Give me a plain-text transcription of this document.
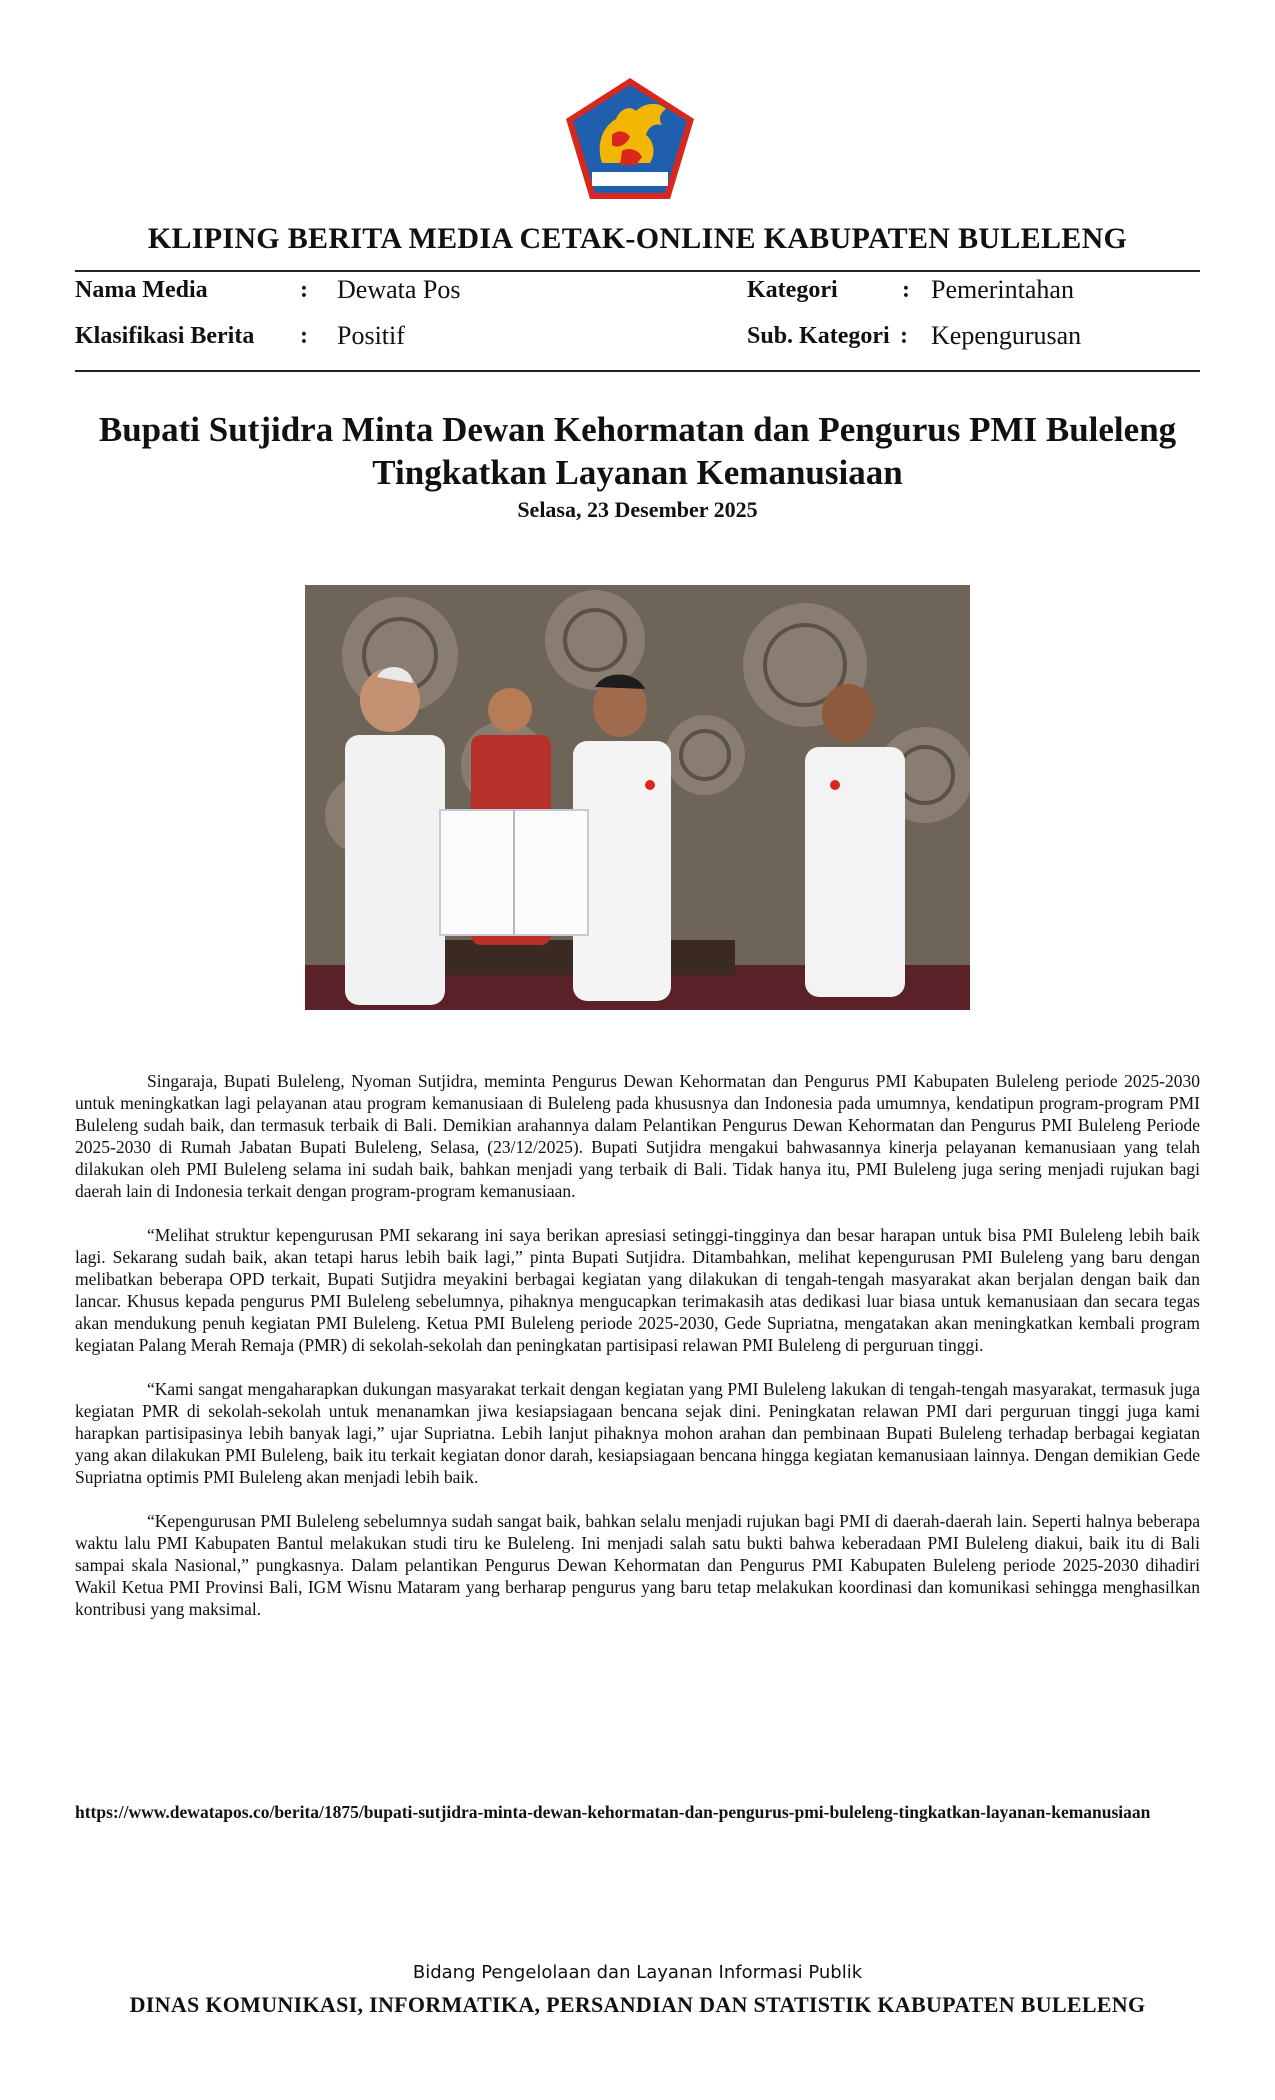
KLIPING BERITA MEDIA CETAK-ONLINE KABUPATEN BULELENG
Nama Media	: Dewata Pos	Kategori	: Pemerintahan
Klasifikasi Berita : Positif	Sub. Kategori : Kepengurusan
Bupati Sutjidra Minta Dewan Kehormatan dan Pengurus PMI Buleleng
Tingkatkan Layanan Kemanusiaan
Selasa, 23 Desember 2025

Singaraja, Bupati Buleleng, Nyoman Sutjidra, meminta Pengurus Dewan Kehormatan dan Pengurus PMI Kabupaten Buleleng periode 2025-2030 untuk meningkatkan lagi pelayanan atau program kemanusiaan di Buleleng pada khususnya dan Indonesia pada umumnya, kendatipun program-program PMI Buleleng sudah baik, dan termasuk terbaik di Bali. Demikian arahannya dalam Pelantikan Pengurus Dewan Kehormatan dan Pengurus PMI Buleleng Periode 2025-2030 di Rumah Jabatan Bupati Buleleng, Selasa, (23/12/2025). Bupati Sutjidra mengakui bahwasannya kinerja pelayanan kemanusiaan yang telah dilakukan oleh PMI Buleleng selama ini sudah baik, bahkan menjadi yang terbaik di Bali. Tidak hanya itu, PMI Buleleng juga sering menjadi rujukan bagi daerah lain di Indonesia terkait dengan program-program kemanusiaan.

“Melihat struktur kepengurusan PMI sekarang ini saya berikan apresiasi setinggi-tingginya dan besar harapan untuk bisa PMI Buleleng lebih baik lagi. Sekarang sudah baik, akan tetapi harus lebih baik lagi,” pinta Bupati Sutjidra. Ditambahkan, melihat kepengurusan PMI Buleleng yang baru dengan melibatkan beberapa OPD terkait, Bupati Sutjidra meyakini berbagai kegiatan yang dilakukan di tengah-tengah masyarakat akan berjalan dengan baik dan lancar. Khusus kepada pengurus PMI Buleleng sebelumnya, pihaknya mengucapkan terimakasih atas dedikasi luar biasa untuk kemanusiaan dan secara tegas akan mendukung penuh kegiatan PMI Buleleng. Ketua PMI Buleleng periode 2025-2030, Gede Supriatna, mengatakan akan meningkatkan kembali program kegiatan Palang Merah Remaja (PMR) di sekolah-sekolah dan peningkatan partisipasi relawan PMI Buleleng di perguruan tinggi.

“Kami sangat mengaharapkan dukungan masyarakat terkait dengan kegiatan yang PMI Buleleng lakukan di tengah-tengah masyarakat, termasuk juga kegiatan PMR di sekolah-sekolah untuk menanamkan jiwa kesiapsiagaan bencana sejak dini. Peningkatan relawan PMI dari perguruan tinggi juga kami harapkan partisipasinya lebih banyak lagi,” ujar Supriatna. Lebih lanjut pihaknya mohon arahan dan pembinaan Bupati Buleleng terhadap berbagai kegiatan yang akan dilakukan PMI Buleleng, baik itu terkait kegiatan donor darah, kesiapsiagaan bencana hingga kegiatan kemanusiaan lainnya. Dengan demikian Gede Supriatna optimis PMI Buleleng akan menjadi lebih baik.

“Kepengurusan PMI Buleleng sebelumnya sudah sangat baik, bahkan selalu menjadi rujukan bagi PMI di daerah-daerah lain. Seperti halnya beberapa waktu lalu PMI Kabupaten Bantul melakukan studi tiru ke Buleleng. Ini menjadi salah satu bukti bahwa keberadaan PMI Buleleng diakui, baik itu di Bali sampai skala Nasional,” pungkasnya. Dalam pelantikan Pengurus Dewan Kehormatan dan Pengurus PMI Kabupaten Buleleng periode 2025-2030 dihadiri Wakil Ketua PMI Provinsi Bali, IGM Wisnu Mataram yang berharap pengurus yang baru tetap melakukan koordinasi dan komunikasi sehingga menghasilkan kontribusi yang maksimal.

https://www.dewatapos.co/berita/1875/bupati-sutjidra-minta-dewan-kehormatan-dan-pengurus-pmi-buleleng-tingkatkan-layanan-kemanusiaan
Bidang Pengelolaan dan Layanan Informasi Publik
DINAS KOMUNIKASI, INFORMATIKA, PERSANDIAN DAN STATISTIK KABUPATEN BULELENG
